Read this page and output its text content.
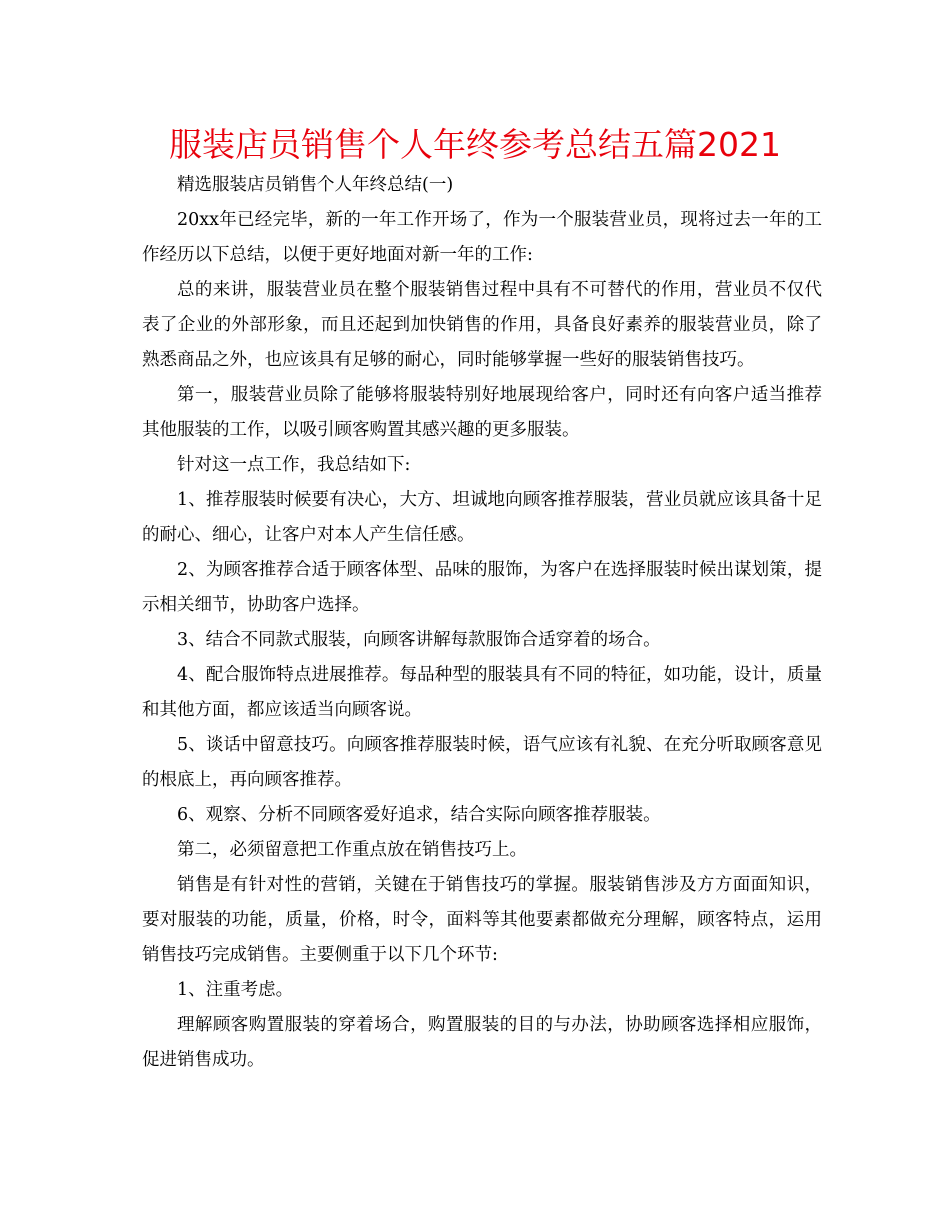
服装店员销售个人年终参考总结五篇2021

精选服装店员销售个人年终总结(一)

20xx年已经完毕，新的一年工作开场了，作为一个服装营业员，现将过去一年的工作经历以下总结，以便于更好地面对新一年的工作:

总的来讲，服装营业员在整个服装销售过程中具有不可替代的作用，营业员不仅代表了企业的外部形象，而且还起到加快销售的作用，具备良好素养的服装营业员，除了熟悉商品之外，也应该具有足够的耐心，同时能够掌握一些好的服装销售技巧。

第一，服装营业员除了能够将服装特别好地展现给客户，同时还有向客户适当推荐其他服装的工作，以吸引顾客购置其感兴趣的更多服装。

针对这一点工作，我总结如下:

1、推荐服装时候要有决心，大方、坦诚地向顾客推荐服装，营业员就应该具备十足的耐心、细心，让客户对本人产生信任感。

2、为顾客推荐合适于顾客体型、品味的服饰，为客户在选择服装时候出谋划策，提示相关细节，协助客户选择。

3、结合不同款式服装，向顾客讲解每款服饰合适穿着的场合。

4、配合服饰特点进展推荐。每品种型的服装具有不同的特征，如功能，设计，质量和其他方面，都应该适当向顾客说。

5、谈话中留意技巧。向顾客推荐服装时候，语气应该有礼貌、在充分听取顾客意见的根底上，再向顾客推荐。

6、观察、分析不同顾客爱好追求，结合实际向顾客推荐服装。

第二，必须留意把工作重点放在销售技巧上。

销售是有针对性的营销，关键在于销售技巧的掌握。服装销售涉及方方面面知识，要对服装的功能，质量，价格，时令，面料等其他要素都做充分理解，顾客特点，运用销售技巧完成销售。主要侧重于以下几个环节:

1、注重考虑。

理解顾客购置服装的穿着场合，购置服装的目的与办法，协助顾客选择相应服饰，促进销售成功。
